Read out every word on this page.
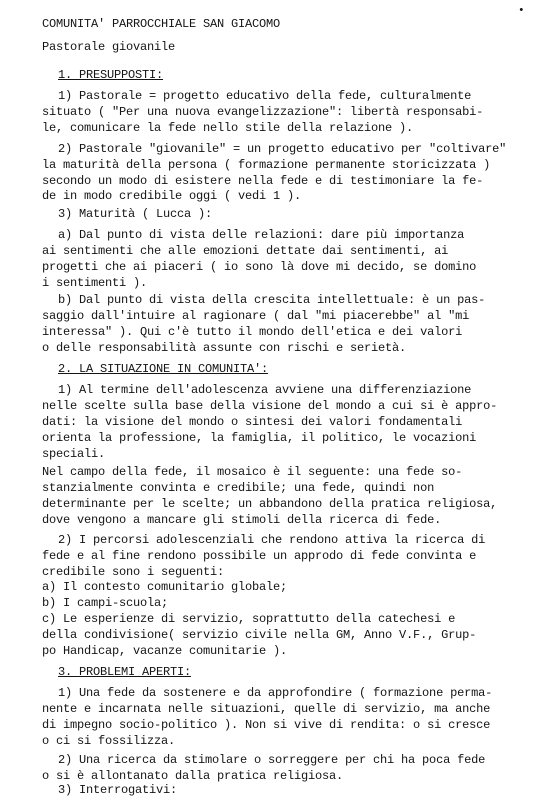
•
COMUNITA' PARROCCHIALE SAN GIACOMO
Pastorale giovanile
1. PRESUPPOSTI:
1) Pastorale = progetto educativo della fede, culturalmente
situato ( "Per una nuova evangelizzazione": libertà responsabi-
le, comunicare la fede nello stile della relazione ).
2) Pastorale "giovanile" = un progetto educativo per "coltivare"
la maturità della persona ( formazione permanente storicizzata )
secondo un modo di esistere nella fede e di testimoniare la fe-
de in modo credibile oggi ( vedi 1 ).
3) Maturità ( Lucca ):
a) Dal punto di vista delle relazioni: dare più importanza
ai sentimenti che alle emozioni dettate dai sentimenti, ai
progetti che ai piaceri ( io sono là dove mi decido, se domino
i sentimenti ).
b) Dal punto di vista della crescita intellettuale: è un pas-
saggio dall'intuire al ragionare ( dal "mi piacerebbe" al "mi
interessa" ). Qui c'è tutto il mondo dell'etica e dei valori
o delle responsabilità assunte con rischi e serietà.
2. LA SITUAZIONE IN COMUNITA':
1) Al termine dell'adolescenza avviene una differenziazione
nelle scelte sulla base della visione del mondo a cui si è appro-
dati: la visione del mondo o sintesi dei valori fondamentali
orienta la professione, la famiglia, il politico, le vocazioni
speciali.
Nel campo della fede, il mosaico è il seguente: una fede so-
stanzialmente convinta e credibile; una fede, quindi non
determinante per le scelte; un abbandono della pratica religiosa,
dove vengono a mancare gli stimoli della ricerca di fede.
2) I percorsi adolescenziali che rendono attiva la ricerca di
fede e al fine rendono possibile un approdo di fede convinta e
credibile sono i seguenti:
a) Il contesto comunitario globale;
b) I campi-scuola;
c) Le esperienze di servizio, soprattutto della catechesi e
della condivisione( servizio civile nella GM, Anno V.F., Grup-
po Handicap, vacanze comunitarie ).
3. PROBLEMI APERTI:
1) Una fede da sostenere e da approfondire ( formazione perma-
nente e incarnata nelle situazioni, quelle di servizio, ma anche
di impegno socio-politico ). Non si vive di rendita: o si cresce
o ci si fossilizza.
2) Una ricerca da stimolare o sorreggere per chi ha poca fede
o si è allontanato dalla pratica religiosa.
3) Interrogativi:
